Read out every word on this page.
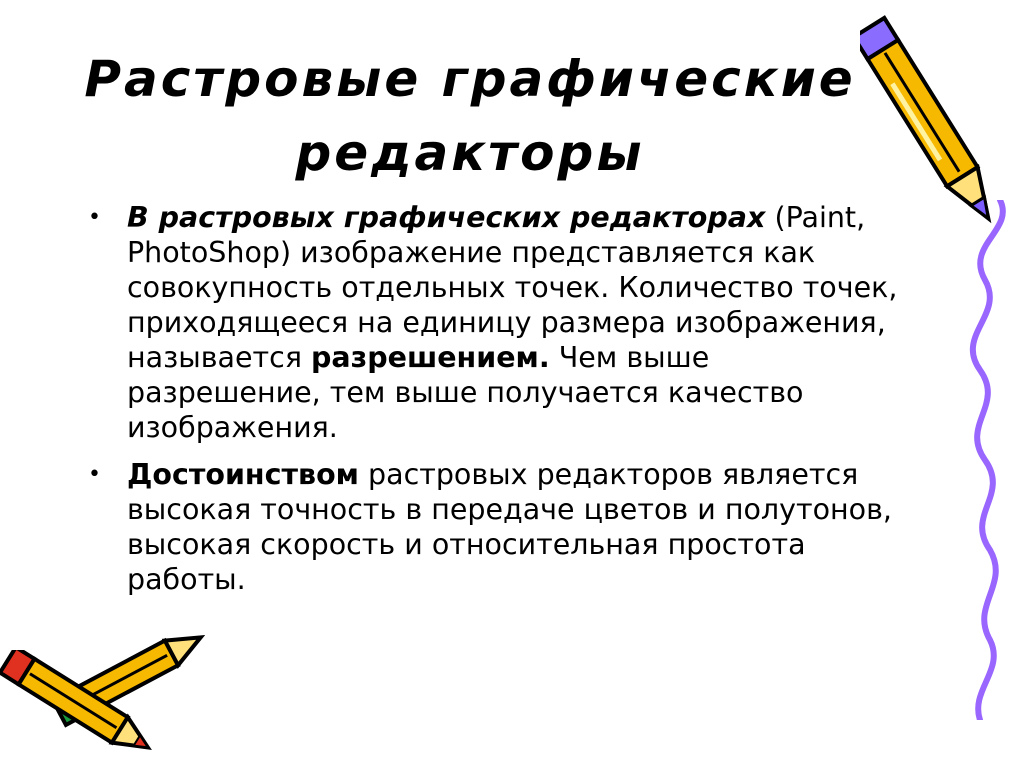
Растровые графические
редакторы
• В растровых графических редакторах (Paint, PhotoShop) изображение представляется как совокупность отдельных точек. Количество точек, приходящееся на единицу размера изображения, называется разрешением. Чем выше разрешение, тем выше получается качество изображения.
• Достоинством растровых редакторов является высокая точность в передаче цветов и полутонов, высокая скорость и относительная простота работы.
